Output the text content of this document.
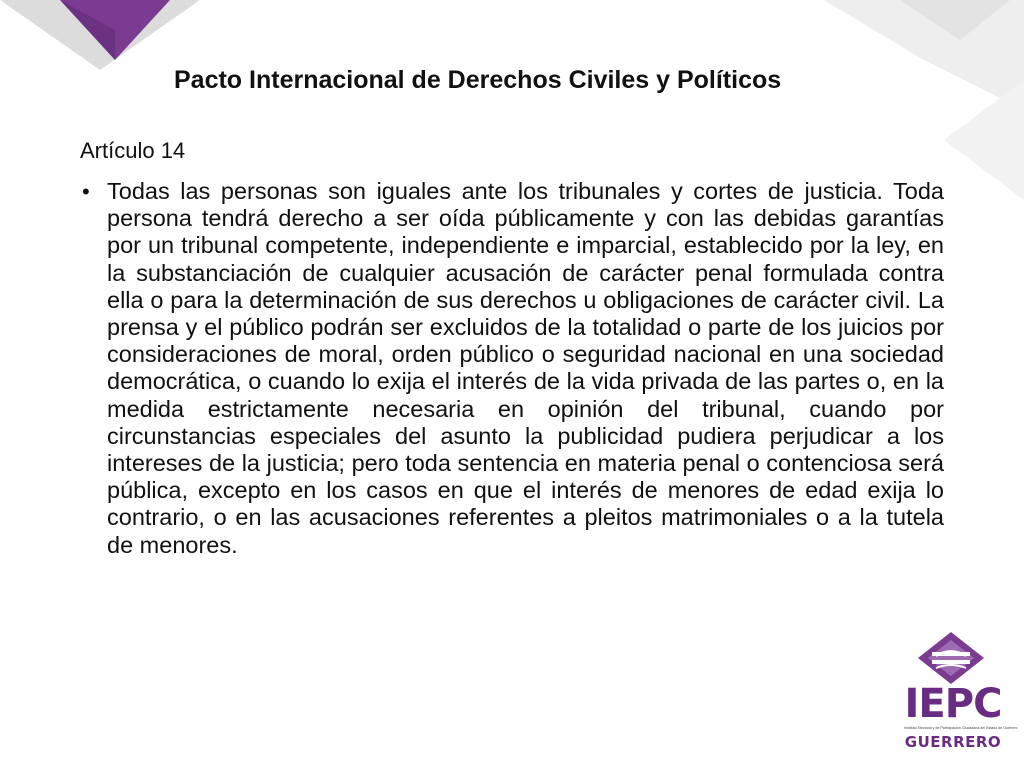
Pacto Internacional de Derechos Civiles y Políticos
Artículo 14
• Todas las personas son iguales ante los tribunales y cortes de justicia. Toda persona tendrá derecho a ser oída públicamente y con las debidas garantías por un tribunal competente, independiente e imparcial, establecido por la ley, en la substanciación de cualquier acusación de carácter penal formulada contra ella o para la determinación de sus derechos u obligaciones de carácter civil. La prensa y el público podrán ser excluidos de la totalidad o parte de los juicios por consideraciones de moral, orden público o seguridad nacional en una sociedad democrática, o cuando lo exija el interés de la vida privada de las partes o, en la medida estrictamente necesaria en opinión del tribunal, cuando por circunstancias especiales del asunto la publicidad pudiera perjudicar a los intereses de la justicia; pero toda sentencia en materia penal o contenciosa será pública, excepto en los casos en que el interés de menores de edad exija lo contrario, o en las acusaciones referentes a pleitos matrimoniales o a la tutela de menores.

IEPC
Instituto Electoral y de Participación Ciudadana del Estado de Guerrero
GUERRERO
